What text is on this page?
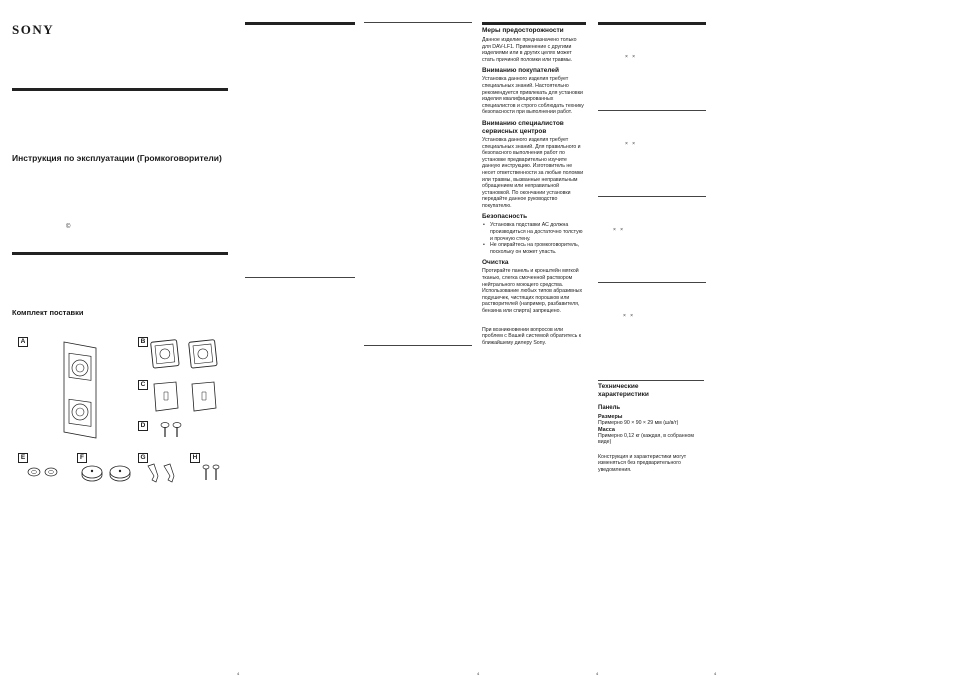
SONY
Инструкция по эксплуатации (Громкоговорители)
©
Комплект поставки
A	B
C
D
E	F	G	H
Меры предосторожности
Данное изделие предназначено только для DAV-LF1. Применение с другими изделиями или в других целях может стать причиной поломки или травмы.
Вниманию покупателей
Установка данного изделия требует специальных знаний. Настоятельно рекомендуется привлекать для установки изделия квалифицированных специалистов и строго соблюдать технику безопасности при выполнении работ.
Вниманию специалистов сервисных центров
Установка данного изделия требует специальных знаний. Для правильного и безопасного выполнения работ по установке предварительно изучите данную инструкцию. Изготовитель не несет ответственности за любые поломки или травмы, вызванные неправильным обращением или неправильной установкой. По окончании установки передайте данное руководство покупателю.
Безопасность
• Установка подставки АС должна производиться на достаточно толстую и прочную стену.
• Не опирайтесь на громкоговоритель, поскольку он может упасть.
Очистка
Протирайте панель и кронштейн мягкой тканью, слегка смоченной раствором нейтрального моющего средства. Использование любых типов абразивных подушечек, чистящих порошков или растворителей (например, разбавителя, бензина или спирта) запрещено.
При возникновении вопросов или проблем с Вашей системой обратитесь к ближайшему дилеру Sony.
× ×
× ×
× ×
× ×
Технические характеристики
Панель
Размеры
Примерно 90 × 90 × 29 мм (ш/в/г)
Масса
Примерно 0,12 кг (каждая, в собранном виде)
Конструкция и характеристики могут изменяться без предварительного уведомления.
4	4	4	4
